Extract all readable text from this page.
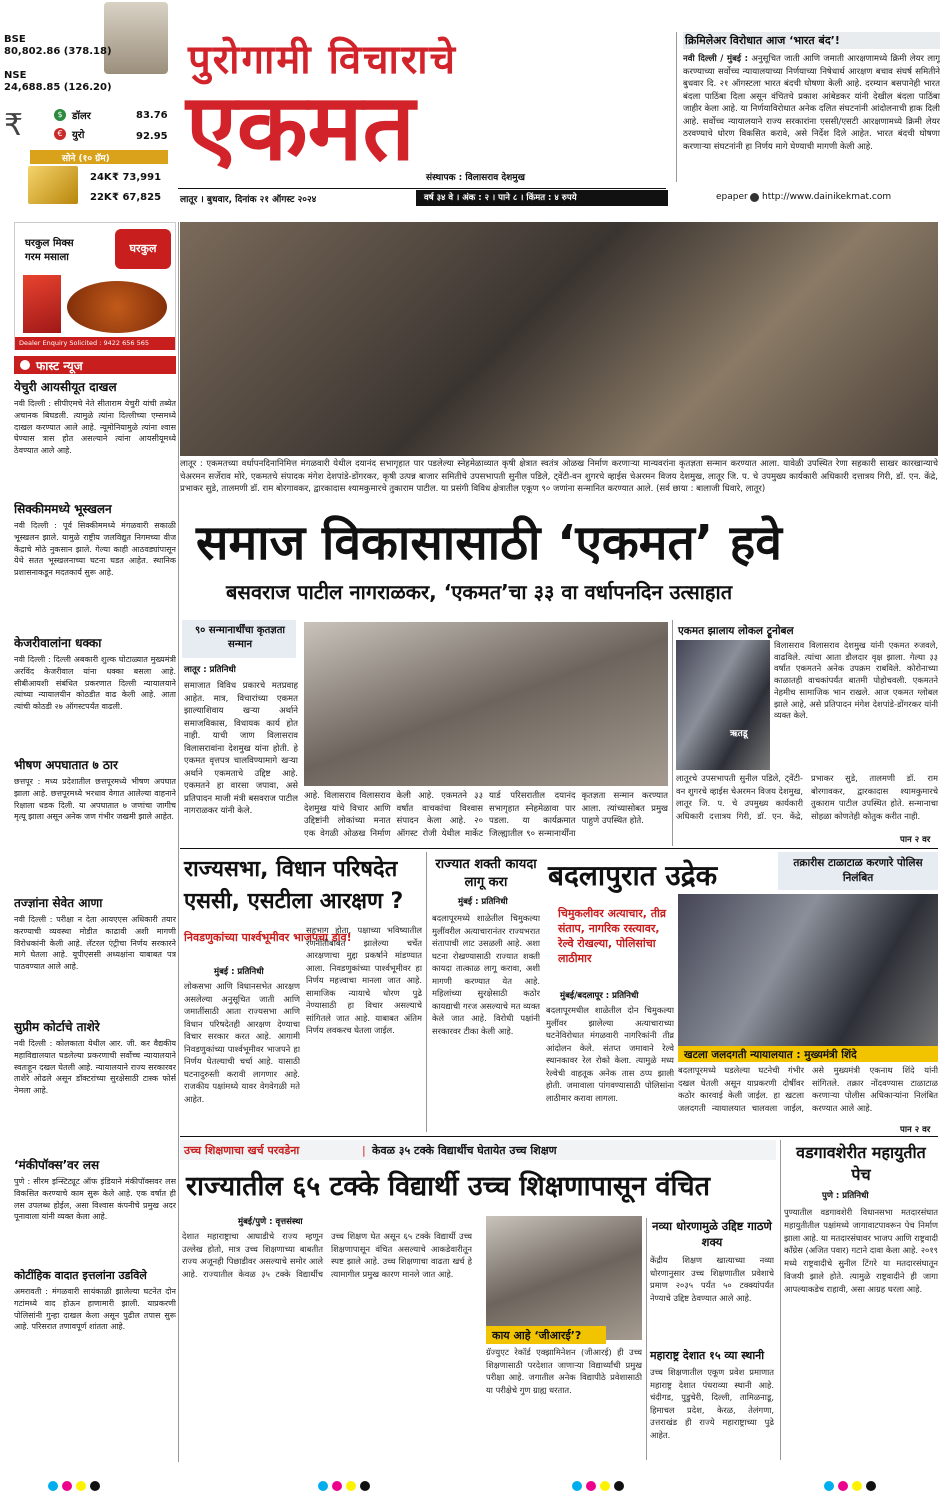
BSE
80,802.86 (378.18)
NSE
24,688.85 (126.20)
₹	$ डॉलर	83.76
€ युरो	92.95
सोने (१० ग्रॅम)
24K ₹ 73,991
22K ₹ 67,825
पुरोगामी विचाराचे
एकमत संस्थापक : विलासराव देशमुख
लातूर । बुधवार, दिनांक २१ ऑगस्ट २०२४	वर्ष ३४ वे । अंक : २ । पाने ८ । किंमत : ४ रुपये	epaper http://www.dainikekmat.com
क्रिमिलेअर विरोधात आज ‘भारत बंद’!
नवी दिल्ली / मुंबई : अनुसूचित जाती आणि जमाती आरक्षणामध्ये क्रिमी लेयर लागू करण्याच्या सर्वोच्च न्यायालयाच्या निर्णयाच्या निषेधार्थ आरक्षण बचाव संघर्ष समितीने बुधवार दि. २१ ऑगस्टला भारत बंदची घोषणा केली आहे. दरम्यान बसपानेही भारत बंदला पाठिंबा दिला असून वंचितचे प्रकाश आंबेडकर यांनी देखील बंदला पाठिंबा जाहीर केला आहे. या निर्णयाविरोधात अनेक दलित संघटनांनी आंदोलनाची हाक दिली आहे. सर्वोच्च न्यायालयाने राज्य सरकारांना एससी/एसटी आरक्षणामध्ये क्रिमी लेयर ठरवण्याचे धोरण विकसित करावे, असे निर्देश दिले आहेत. भारत बंदची घोषणा करणाऱ्या संघटनांनी हा निर्णय मागे घेण्याची मागणी केली आहे.
घरकुल मिक्स
गरम मसाला
घरकुल
Dealer Enquiry Solicited : 9422 656 565
फास्ट न्यूज
येचुरी आयसीयूत दाखल
नवी दिल्ली : सीपीएमचे नेते सीताराम येचुरी यांची तब्येत अचानक बिघडली. त्यामुळे त्यांना दिल्लीच्या एम्समध्ये दाखल करण्यात आले आहे. न्यूमोनियामुळे त्यांना श्वास घेण्यास त्रास होत असल्याने त्यांना आयसीयूमध्ये ठेवण्यात आले आहे.
सिक्कीममध्ये भूस्खलन
नवी दिल्ली : पूर्व सिक्कीममध्ये मंगळवारी सकाळी भूस्खलन झाले. यामुळे राष्ट्रीय जलविद्युत निगमच्या वीज केंद्राचे मोठे नुकसान झाले. गेल्या काही आठवड्यांपासून येथे सतत भूस्खलनाच्या घटना घडत आहेत. स्थानिक प्रशासनाकडून मदतकार्य सुरू आहे.
केजरीवालांना धक्का
नवी दिल्ली : दिल्ली अबकारी शुल्क घोटाळ्यात मुख्यमंत्री अरविंद केजरीवाल यांना धक्का बसला आहे. सीबीआयशी संबंधित प्रकरणात दिल्ली न्यायालयाने त्यांच्या न्यायालयीन कोठडीत वाढ केली आहे. आता त्यांची कोठडी २७ ऑगस्टपर्यंत वाढली.
भीषण अपघातात ७ ठार
छत्तपूर : मध्य प्रदेशातील छत्तपूरमध्ये भीषण अपघात झाला आहे. छत्तपूरमध्ये भरधाव वेगात आलेल्या वाहनाने रिक्षाला धडक दिली. या अपघातात ७ जणांचा जागीच मृत्यू झाला असून अनेक जण गंभीर जखमी झाले आहेत.
तज्ज्ञांना सेवेत आणा
नवी दिल्ली : परीक्षा न देता आयएएस अधिकारी तयार करण्याची व्यवस्था मोडीत काढावी अशी मागणी विरोधकांनी केली आहे. लॅटरल एंट्रीचा निर्णय सरकारने मागे घेतला आहे. यूपीएससी अध्यक्षांना याबाबत पत्र पाठवण्यात आले आहे.
सुप्रीम कोर्टाचे ताशेरे
नवी दिल्ली : कोलकाता येथील आर. जी. कर वैद्यकीय महाविद्यालयात घडलेल्या प्रकरणाची सर्वोच्च न्यायालयाने स्वतःहून दखल घेतली आहे. न्यायालयाने राज्य सरकारवर ताशेरे ओढले असून डॉक्टरांच्या सुरक्षेसाठी टास्क फोर्स नेमला आहे.
‘मंकीपॉक्स’वर लस
पुणे : सीरम इन्स्टिट्यूट ऑफ इंडियाने मंकीपॉक्सवर लस विकसित करण्याचे काम सुरू केले आहे. एक वर्षात ही लस उपलब्ध होईल, असा विश्वास कंपनीचे प्रमुख अदर पूनावाला यांनी व्यक्त केला आहे.
कोटींहिक वादात इत्तलांना उडविले
अमरावती : मंगळवारी सायंकाळी झालेल्या घटनेत दोन गटांमध्ये वाद होऊन हाणामारी झाली. याप्रकरणी पोलिसांनी गुन्हा दाखल केला असून पुढील तपास सुरू आहे. परिसरात तणावपूर्ण शांतता आहे.
लातूर : एकमतच्या वर्धापनदिनानिमित्त मंगळवारी येथील दयानंद सभागृहात पार पडलेल्या स्नेहमेळाव्यात कृषी क्षेत्रात स्वतंत्र ओळख निर्माण करणाऱ्या मान्यवरांना कृतज्ञता सन्मान करण्यात आला. यावेळी उपस्थित रेणा सहकारी साखर कारखान्याचे चेअरमन सर्जेराव मोरे, एकमतचे संपादक मंगेश देशपांडे-डोंगरकर, कृषी उत्पन्न बाजार समितीचे उपसभापती सुनील पडिले, ट्वेंटी-वन शुगरचे व्हाईस चेअरमन विजय देशमुख, लातूर जि. प. चे उपमुख्य कार्यकारी अधिकारी दत्तात्रय गिरी, डॉ. एन. केंद्रे, प्रभाकर सुडे, तालमणी डॉ. राम बोरगावकर, द्वारकादास श्यामकुमारचे तुकाराम पाटील. या प्रसंगी विविध क्षेत्रातील एकूण ९० जणांना सन्मानित करण्यात आले. (सर्व छाया : बालाजी धिवारे, लातूर)
समाज विकासासाठी ‘एकमत’ हवे
बसवराज पाटील नागराळकर, ‘एकमत’चा ३३ वा वर्धापनदिन उत्साहात
९० सन्मानार्थींचा कृतज्ञता सन्मान
लातूर : प्रतिनिधी
समाजात विविध प्रकारचे मतप्रवाह आहेत. मात्र, विचारांच्या एकमत झाल्याशिवाय खऱ्या अर्थाने समाजविकास, विधायक कार्य होत नाही. याची जाण विलासराव विलासरावांना देशमुख यांना होती. हे एकमत वृत्तपत्र चालविण्यामागे खऱ्या अर्थाने एकमताचे उद्दिष्ट आहे. एकमतने हा वारसा जपावा, असे प्रतिपादन माजी मंत्री बसवराज पाटील नागराळकर यांनी केले.
आहे. विलासराव विलासराव देशमुख यांचे विचार आणि उद्दिष्टांनी लोकांच्या मनात एक वेगळी ओळख निर्माण केली आहे. एकमतने ३३ वर्षांत वाचकांचा विश्वास संपादन केला आहे. २० ऑगस्ट रोजी येथील मार्केट यार्ड परिसरातील दयानंद सभागृहात स्नेहमेळावा पार पडला. या कार्यक्रमात जिल्ह्यातील ९० सन्मानार्थींना कृतज्ञता सन्मान करण्यात आला. त्यांच्यासोबत प्रमुख पाहुणे उपस्थित होते.
एकमत झालाय लोकल ट्रूनोबल
ऋतडू
विलासराव विलासराव देशमुख यांनी एकमत रुजवले, वाढविले. त्यांचा आता डौलदार वृक्ष झाला. गेल्या ३३ वर्षांत एकमतने अनेक उपक्रम राबविले. कोरोनाच्या काळातही वाचकांपर्यंत बातमी पोहोचवली. एकमतने नेहमीच सामाजिक भान राखले. आज एकमत ग्लोबल झाले आहे, असे प्रतिपादन मंगेश देशपांडे-डोंगरकर यांनी व्यक्त केले.
लातूरचे उपसभापती सुनील पडिले, ट्वेंटी-वन शुगरचे व्हाईस चेअरमन विजय देशमुख, लातूर जि. प. चे उपमुख्य कार्यकारी अधिकारी दत्तात्रय गिरी, डॉ. एन. केंद्रे, प्रभाकर सुडे, तालमणी डॉ. राम बोरगावकर, द्वारकादास श्यामकुमारचे तुकाराम पाटील उपस्थित होते. सन्मानाचा सोहळा कोणतेही कोतुक करीत नाही.
पान २ वर
राज्यसभा, विधान परिषदेत एससी, एसटीला आरक्षण ?
निवडणुकांच्या पार्श्वभूमीवर भाजपचा डाव!
मुंबई : प्रतिनिधी
लोकसभा आणि विधानसभेत आरक्षण असलेल्या अनुसूचित जाती आणि जमातींसाठी आता राज्यसभा आणि विधान परिषदेतही आरक्षण देण्याचा विचार सरकार करत आहे. आगामी निवडणुकांच्या पार्श्वभूमीवर भाजपने हा निर्णय घेतल्याची चर्चा आहे. यासाठी घटनादुरुस्ती करावी लागणार आहे. राजकीय पक्षांमध्ये यावर वेगवेगळी मते आहेत.
सहभाग होता. पक्षाच्या भविष्यातील रणनीतीबाबत झालेल्या चर्चेत आरक्षणाचा मुद्दा प्रकर्षाने मांडण्यात आला. निवडणुकांच्या पार्श्वभूमीवर हा निर्णय महत्त्वाचा मानला जात आहे. सामाजिक न्यायाचे धोरण पुढे नेण्यासाठी हा विचार असल्याचे सांगितले जात आहे. याबाबत अंतिम निर्णय लवकरच घेतला जाईल.
राज्यात शक्ती कायदा लागू करा
मुंबई : प्रतिनिधी
बदलापूरमध्ये शाळेतील चिमुकल्या मुलींवरील अत्याचारानंतर राज्यभरात संतापाची लाट उसळली आहे. अशा घटना रोखण्यासाठी राज्यात शक्ती कायदा तात्काळ लागू करावा, अशी मागणी करण्यात येत आहे. महिलांच्या सुरक्षेसाठी कठोर कायद्याची गरज असल्याचे मत व्यक्त केले जात आहे. विरोधी पक्षांनी सरकारवर टीका केली आहे.
बदलापुरात उद्रेक
चिमुकलीवर अत्याचार, तीव्र संताप, नागरिक रस्त्यावर, रेल्वे रोखल्या, पोलिसांचा लाठीमार
मुंबई/बदलापूर : प्रतिनिधी
बदलापूरमधील शाळेतील दोन चिमुकल्या मुलींवर झालेल्या अत्याचाराच्या घटनेविरोधात मंगळवारी नागरिकांनी तीव्र आंदोलन केले. संतप्त जमावाने रेल्वे स्थानकावर रेल रोको केला. त्यामुळे मध्य रेल्वेची वाहतूक अनेक तास ठप्प झाली होती. जमावाला पांगवण्यासाठी पोलिसांना लाठीमार करावा लागला.
तक्रारीस टाळाटाळ करणारे पोलिस निलंबित
खटला जलदगती न्यायालयात : मुख्यमंत्री शिंदे
बदलापूरमध्ये घडलेल्या घटनेची गंभीर दखल घेतली असून याप्रकरणी दोषींवर कठोर कारवाई केली जाईल. हा खटला जलदगती न्यायालयात चालवला जाईल, असे मुख्यमंत्री एकनाथ शिंदे यांनी सांगितले. तक्रार नोंदवण्यास टाळाटाळ करणाऱ्या पोलीस अधिकाऱ्यांना निलंबित करण्यात आले आहे.
पान २ वर
उच्च शिक्षणाचा खर्च परवडेना	| केवळ ३५ टक्के विद्यार्थीच घेतायेत उच्च शिक्षण
राज्यातील ६५ टक्के विद्यार्थी उच्च शिक्षणापासून वंचित
मुंबई/पुणे : वृत्तसंस्था
देशात महाराष्ट्राचा आघाडीचे राज्य म्हणून उल्लेख होतो, मात्र उच्च शिक्षणाच्या बाबतीत राज्य अजूनही पिछाडीवर असल्याचे समोर आले आहे. राज्यातील केवळ ३५ टक्के विद्यार्थीच उच्च शिक्षण घेत असून ६५ टक्के विद्यार्थी उच्च शिक्षणापासून वंचित असल्याचे आकडेवारीतून स्पष्ट झाले आहे. उच्च शिक्षणाचा वाढता खर्च हे त्यामागील प्रमुख कारण मानले जात आहे.
काय आहे ‘जीआरई’?
ग्रॅज्युएट रेकॉर्ड एक्झामिनेशन (जीआरई) ही उच्च शिक्षणासाठी परदेशात जाणाऱ्या विद्यार्थ्यांची प्रमुख परीक्षा आहे. जगातील अनेक विद्यापीठे प्रवेशासाठी या परीक्षेचे गुण ग्राह्य धरतात.
नव्या धोरणामुळे उद्दिष्ट गाठणे शक्य
केंद्रीय शिक्षण खात्याच्या नव्या धोरणानुसार उच्च शिक्षणातील प्रवेशाचे प्रमाण २०३५ पर्यंत ५० टक्क्यांपर्यंत नेण्याचे उद्दिष्ट ठेवण्यात आले आहे.
महाराष्ट्र देशात १५ व्या स्थानी
उच्च शिक्षणातील एकूण प्रवेश प्रमाणात महाराष्ट्र देशात पंधराव्या स्थानी आहे. चंदीगड, पुडुचेरी, दिल्ली, तामिळनाडू, हिमाचल प्रदेश, केरळ, तेलंगणा, उत्तराखंड ही राज्ये महाराष्ट्राच्या पुढे आहेत.
वडगावशेरीत महायुतीत पेच
पुणे : प्रतिनिधी
पुण्यातील वडगावशेरी विधानसभा मतदारसंघात महायुतीतील पक्षांमध्ये जागावाटपावरून पेच निर्माण झाला आहे. या मतदारसंघावर भाजप आणि राष्ट्रवादी काँग्रेस (अजित पवार) गटाने दावा केला आहे. २०१९ मध्ये राष्ट्रवादीचे सुनील टिंगरे या मतदारसंघातून विजयी झाले होते. त्यामुळे राष्ट्रवादीने ही जागा आपल्याकडेच राहावी, असा आग्रह धरला आहे.
